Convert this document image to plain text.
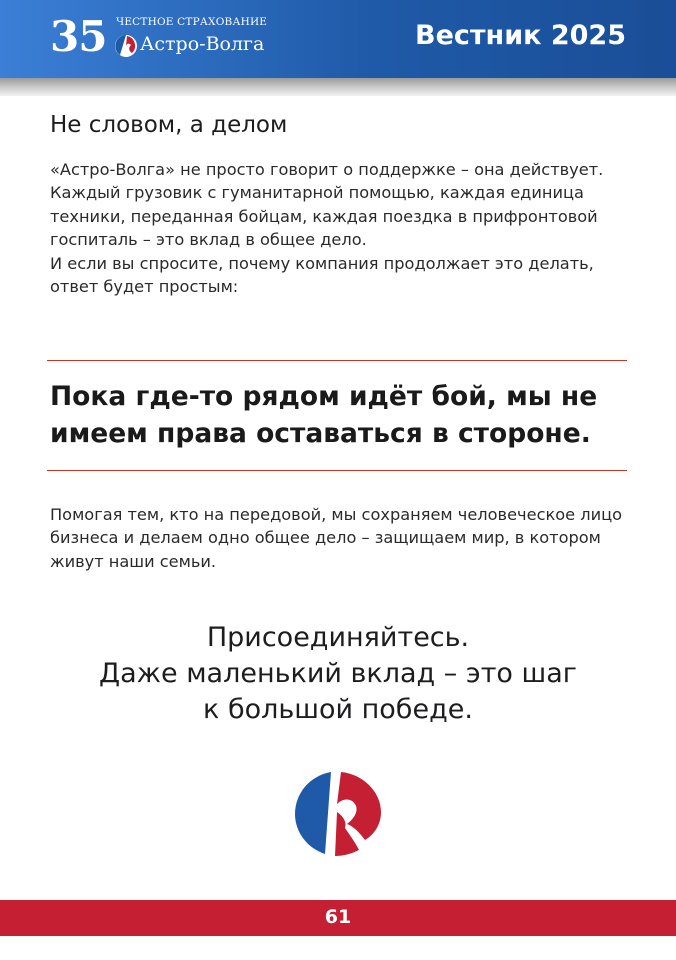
35 ЧЕСТНОЕ СТРАХОВАНИЕ
Астро-Волга	Вестник 2025
Не словом, а делом

«Астро-Волга» не просто говорит о поддержке – она действует. Каждый грузовик с гуманитарной помощью, каждая единица техники, переданная бойцам, каждая поездка в прифронтовой госпиталь – это вклад в общее дело.

И если вы спросите, почему компания продолжает это делать, ответ будет простым:

Пока где-то рядом идёт бой, мы не имеем права оставаться в стороне.
Помогая тем, кто на передовой, мы сохраняем человеческое лицо бизнеса и делаем одно общее дело – защищаем мир, в котором живут наши семьи.
Присоединяйтесь.
Даже маленький вклад – это шаг
к большой победе.
61
